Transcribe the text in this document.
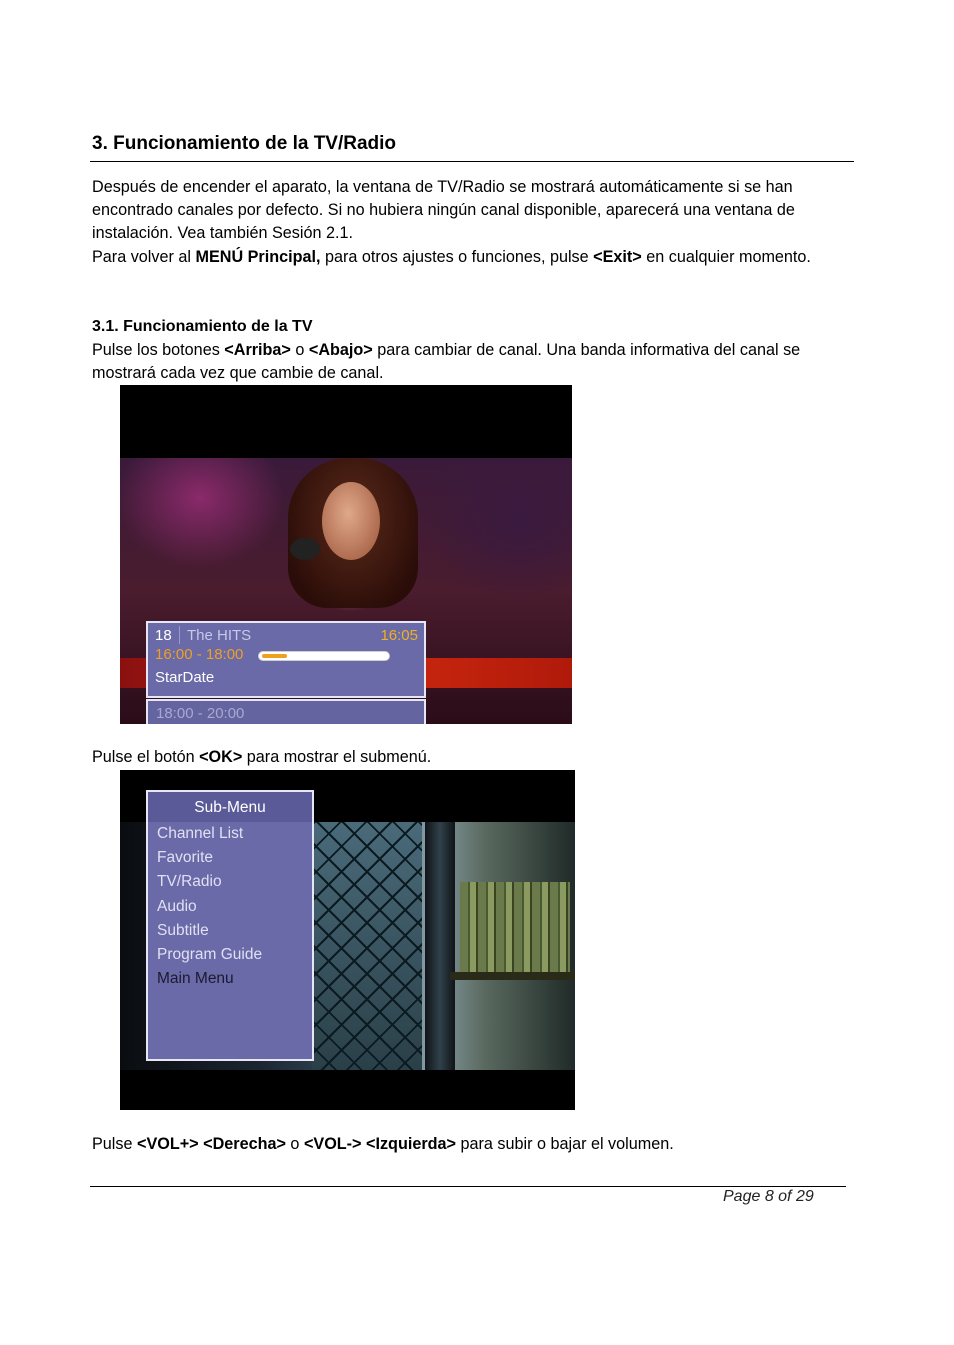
3. Funcionamiento de la TV/Radio

Después de encender el aparato, la ventana de TV/Radio se mostrará automáticamente si se han encontrado canales por defecto. Si no hubiera ningún canal disponible, aparecerá una ventana de instalación. Vea también Sesión 2.1.

Para volver al MENÚ Principal, para otros ajustes o funciones, pulse <Exit> en cualquier momento.

3.1. Funcionamiento de la TV

Pulse los botones <Arriba> o <Abajo> para cambiar de canal. Una banda informativa del canal se mostrará cada vez que cambie de canal.

18 The HITS	16:05
16:00 - 18:00
StarDate
18:00 - 20:00

Pulse el botón <OK> para mostrar el submenú.

Sub-Menu
Channel List
Favorite
TV/Radio
Audio
Subtitle
Program Guide
Main Menu

Pulse <VOL+> <Derecha> o <VOL-> <Izquierda> para subir o bajar el volumen.

Page 8 of 29
